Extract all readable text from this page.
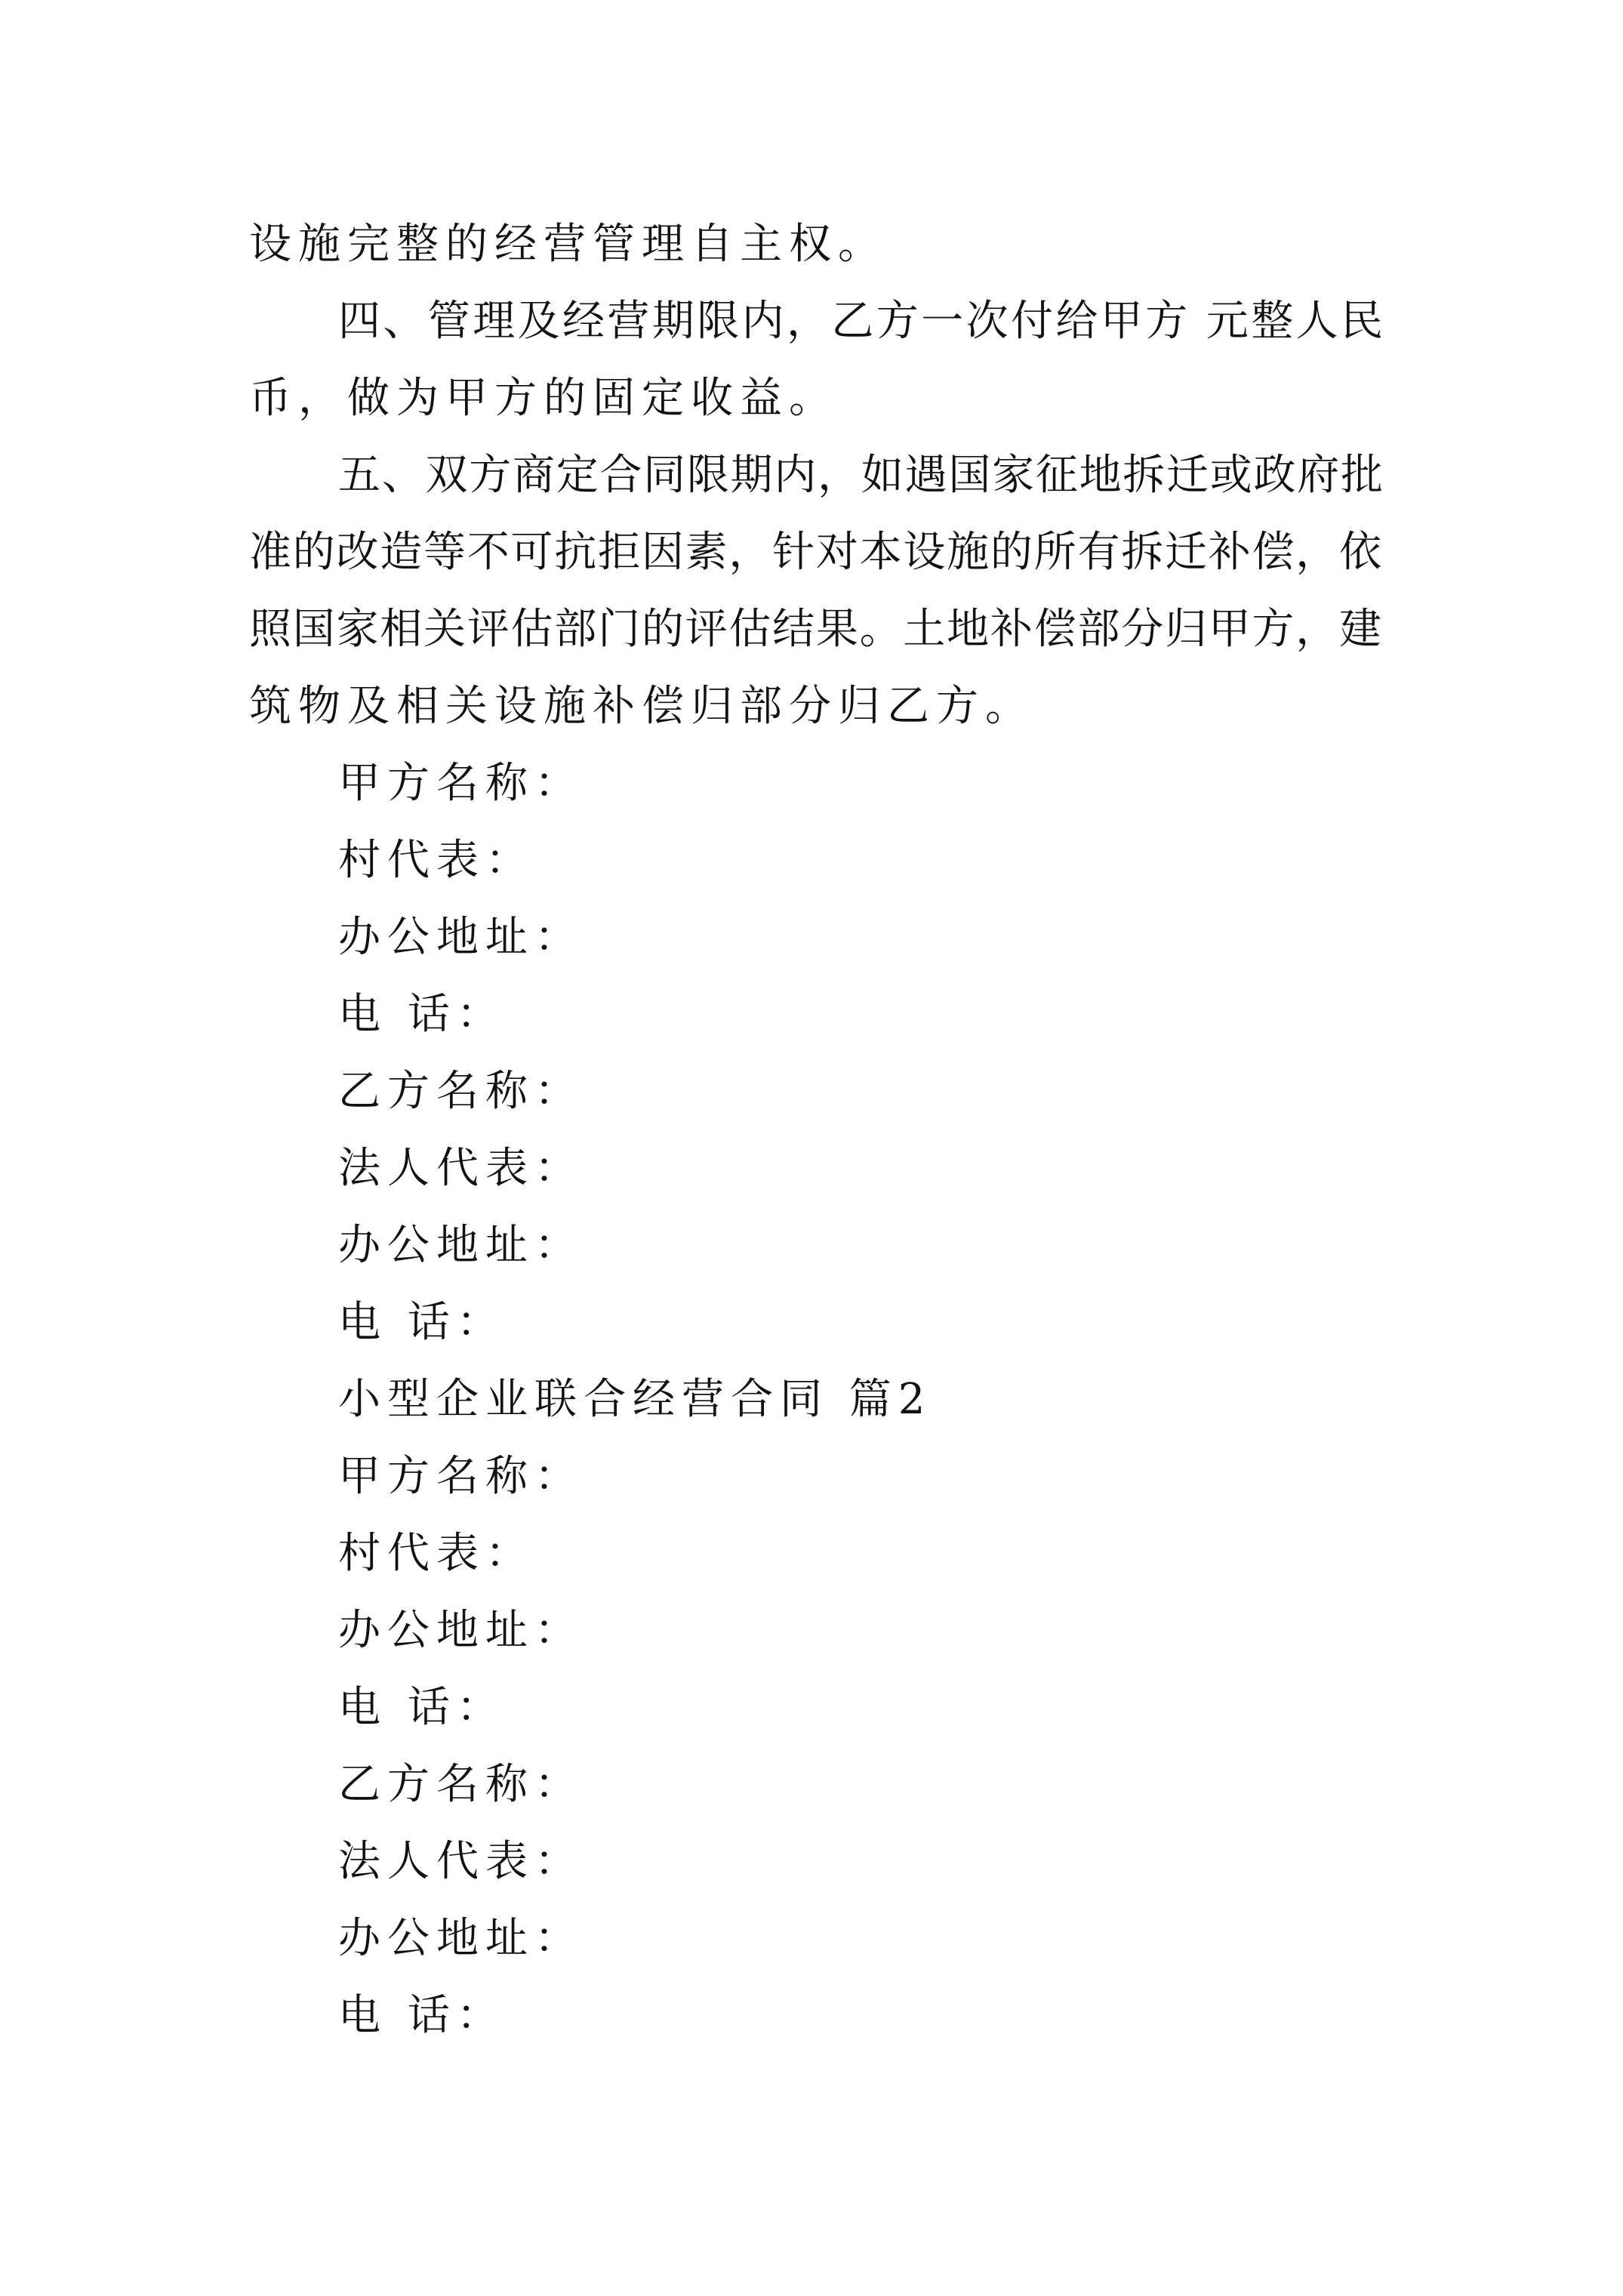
设施完整的经营管理自主权。
四、管理及经营期限内，乙方一次付给甲方 元整人民
币，做为甲方的固定收益。
五、双方商定合同限期内，如遇国家征地拆迁或政府批
准的改造等不可抗拒因素，针对本设施的所有拆迁补偿，依
照国家相关评估部门的评估结果。土地补偿部分归甲方，建
筑物及相关设施补偿归部分归乙方。
甲方名称：
村代表：
办公地址：
电 话：
乙方名称：
法人代表：
办公地址：
电 话：
小型企业联合经营合同 篇2
甲方名称：
村代表：
办公地址：
电 话：
乙方名称：
法人代表：
办公地址：
电 话：
